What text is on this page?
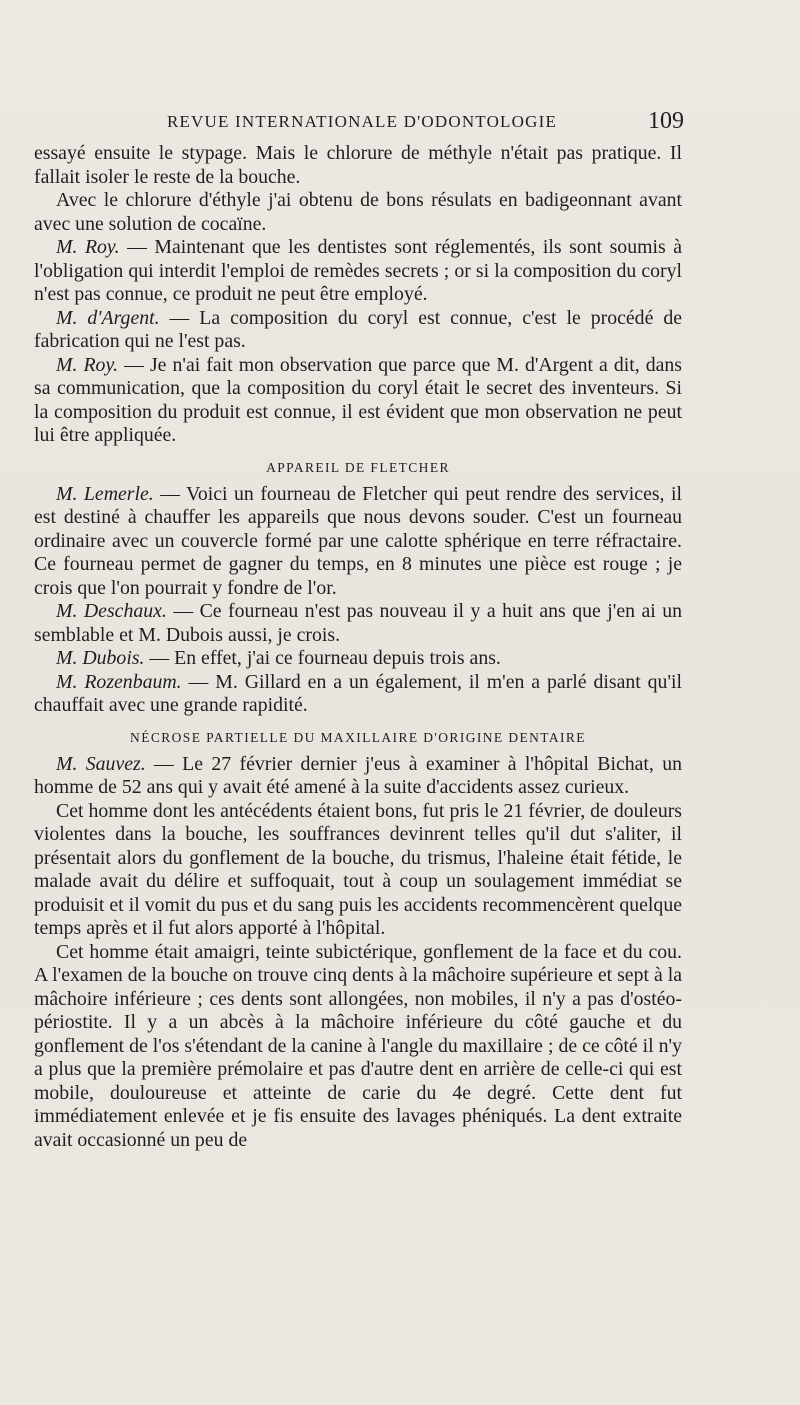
REVUE INTERNATIONALE D'ODONTOLOGIE	109

essayé ensuite le stypage. Mais le chlorure de méthyle n'était pas pratique. Il fallait isoler le reste de la bouche.

Avec le chlorure d'éthyle j'ai obtenu de bons résulats en badigeonnant avant avec une solution de cocaïne.

M. Roy. — Maintenant que les dentistes sont réglementés, ils sont soumis à l'obligation qui interdit l'emploi de remèdes secrets ; or si la composition du coryl n'est pas connue, ce produit ne peut être employé.

M. d'Argent. — La composition du coryl est connue, c'est le procédé de fabrication qui ne l'est pas.

M. Roy. — Je n'ai fait mon observation que parce que M. d'Argent a dit, dans sa communication, que la composition du coryl était le secret des inventeurs. Si la composition du produit est connue, il est évident que mon observation ne peut lui être appliquée.

APPAREIL DE FLETCHER

M. Lemerle. — Voici un fourneau de Fletcher qui peut rendre des services, il est destiné à chauffer les appareils que nous devons souder. C'est un fourneau ordinaire avec un couvercle formé par une calotte sphérique en terre réfractaire. Ce fourneau permet de gagner du temps, en 8 minutes une pièce est rouge ; je crois que l'on pourrait y fondre de l'or.

M. Deschaux. — Ce fourneau n'est pas nouveau il y a huit ans que j'en ai un semblable et M. Dubois aussi, je crois.

M. Dubois. — En effet, j'ai ce fourneau depuis trois ans.

M. Rozenbaum. — M. Gillard en a un également, il m'en a parlé disant qu'il chauffait avec une grande rapidité.

NÉCROSE PARTIELLE DU MAXILLAIRE D'ORIGINE DENTAIRE

M. Sauvez. — Le 27 février dernier j'eus à examiner à l'hôpital Bichat, un homme de 52 ans qui y avait été amené à la suite d'accidents assez curieux.

Cet homme dont les antécédents étaient bons, fut pris le 21 février, de douleurs violentes dans la bouche, les souffrances devinrent telles qu'il dut s'aliter, il présentait alors du gonflement de la bouche, du trismus, l'haleine était fétide, le malade avait du délire et suffoquait, tout à coup un soulagement immédiat se produisit et il vomit du pus et du sang puis les accidents recommencèrent quelque temps après et il fut alors apporté à l'hôpital.

Cet homme était amaigri, teinte subictérique, gonflement de la face et du cou. A l'examen de la bouche on trouve cinq dents à la mâchoire supérieure et sept à la mâchoire inférieure ; ces dents sont allongées, non mobiles, il n'y a pas d'ostéo-périostite. Il y a un abcès à la mâchoire inférieure du côté gauche et du gonflement de l'os s'étendant de la canine à l'angle du maxillaire ; de ce côté il n'y a plus que la première prémolaire et pas d'autre dent en arrière de celle-ci qui est mobile, douloureuse et atteinte de carie du 4e degré. Cette dent fut immédiatement enlevée et je fis ensuite des lavages phéniqués. La dent extraite avait occasionné un peu de
